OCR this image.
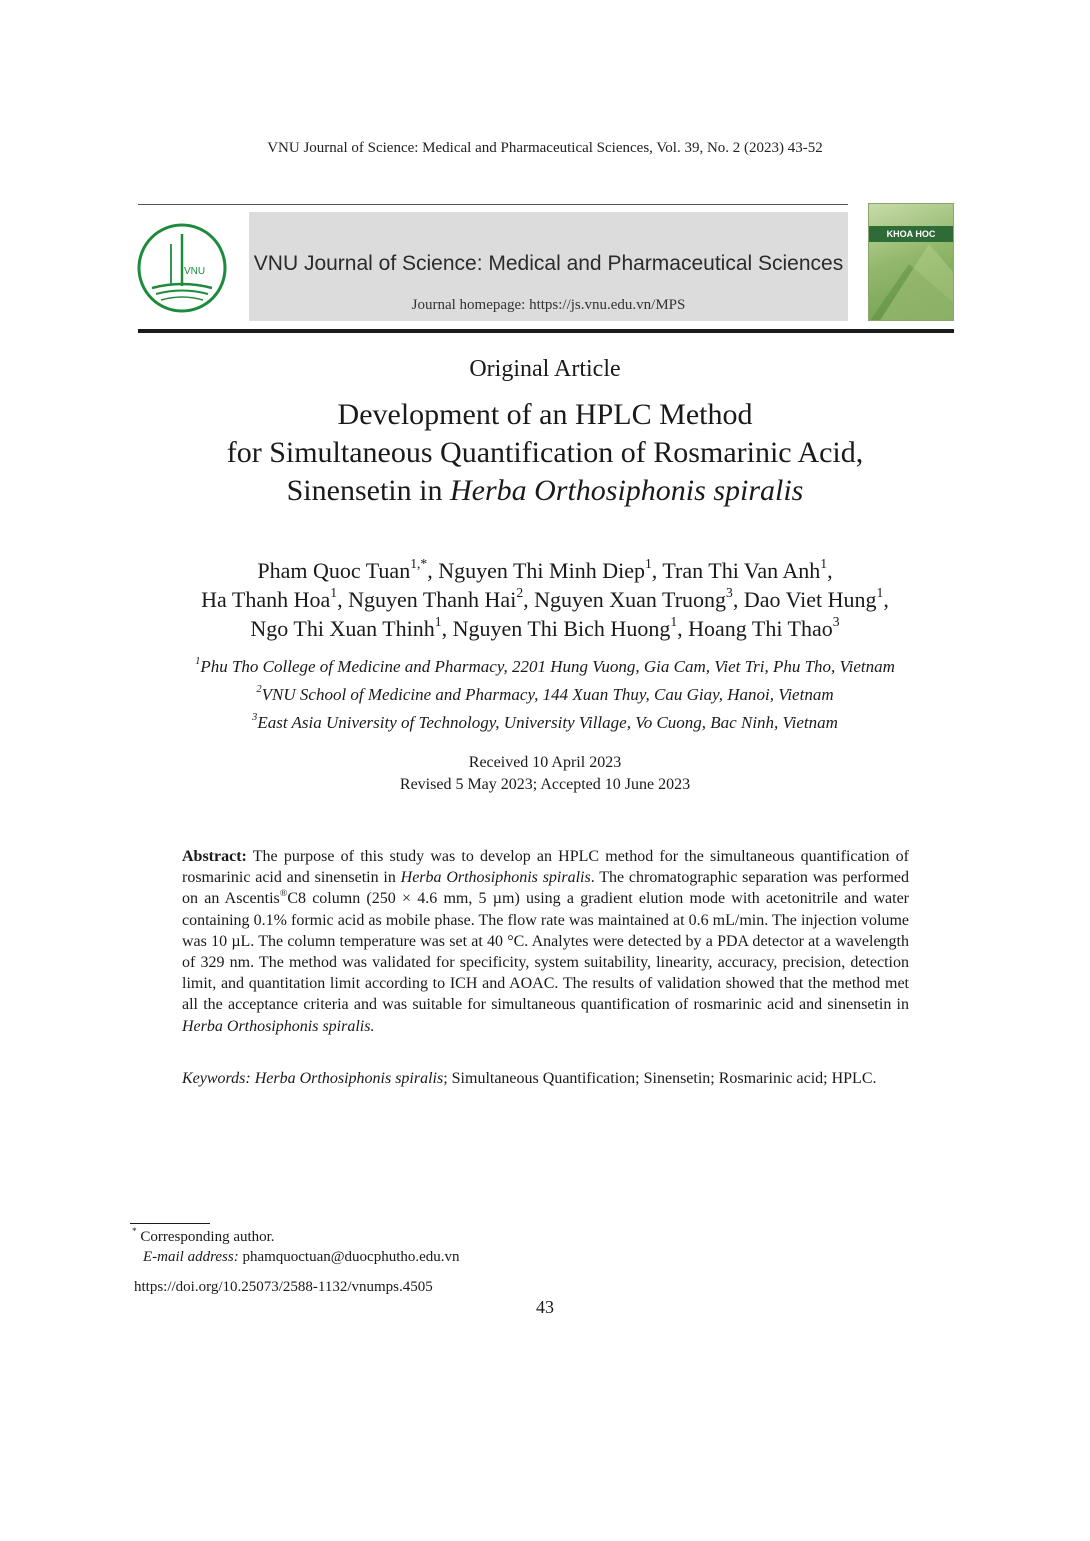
VNU Journal of Science: Medical and Pharmaceutical Sciences, Vol. 39, No. 2 (2023) 43-52
VNU VNU Journal of Science: Medical and Pharmaceutical Sciences
Journal homepage: https://js.vnu.edu.vn/MPS
KHOA HOC
Original Article
Development of an HPLC Method
for Simultaneous Quantification of Rosmarinic Acid,
Sinensetin in Herba Orthosiphonis spiralis
Pham Quoc Tuan$^{1,*}$, Nguyen Thi Minh Diep$^1$, Tran Thi Van Anh$^1$,
Ha Thanh Hoa$^1$, Nguyen Thanh Hai$^2$, Nguyen Xuan Truong$^3$, Dao Viet Hung$^1$,
Ngo Thi Xuan Thinh$^1$, Nguyen Thi Bich Huong$^1$, Hoang Thi Thao$^3$
$^1$Phu Tho College of Medicine and Pharmacy, 2201 Hung Vuong, Gia Cam, Viet Tri, Phu Tho, Vietnam
$^2$VNU School of Medicine and Pharmacy, 144 Xuan Thuy, Cau Giay, Hanoi, Vietnam
$^3$East Asia University of Technology, University Village, Vo Cuong, Bac Ninh, Vietnam
Received 10 April 2023
Revised 5 May 2023; Accepted 10 June 2023
Abstract: The purpose of this study was to develop an HPLC method for the simultaneous quantification of rosmarinic acid and sinensetin in Herba Orthosiphonis spiralis. The chromatographic separation was performed on an Ascentis®C8 column (250 × 4.6 mm, 5 µm) using a gradient elution mode with acetonitrile and water containing 0.1% formic acid as mobile phase. The flow rate was maintained at 0.6 mL/min. The injection volume was 10 µL. The column temperature was set at 40 °C. Analytes were detected by a PDA detector at a wavelength of 329 nm. The method was validated for specificity, system suitability, linearity, accuracy, precision, detection limit, and quantitation limit according to ICH and AOAC. The results of validation showed that the method met all the acceptance criteria and was suitable for simultaneous quantification of rosmarinic acid and sinensetin in Herba Orthosiphonis spiralis.
Keywords: Herba Orthosiphonis spiralis; Simultaneous Quantification; Sinensetin; Rosmarinic acid; HPLC.
* Corresponding author.
E-mail address: phamquoctuan@duocphutho.edu.vn
https://doi.org/10.25073/2588-1132/vnumps.4505
43
